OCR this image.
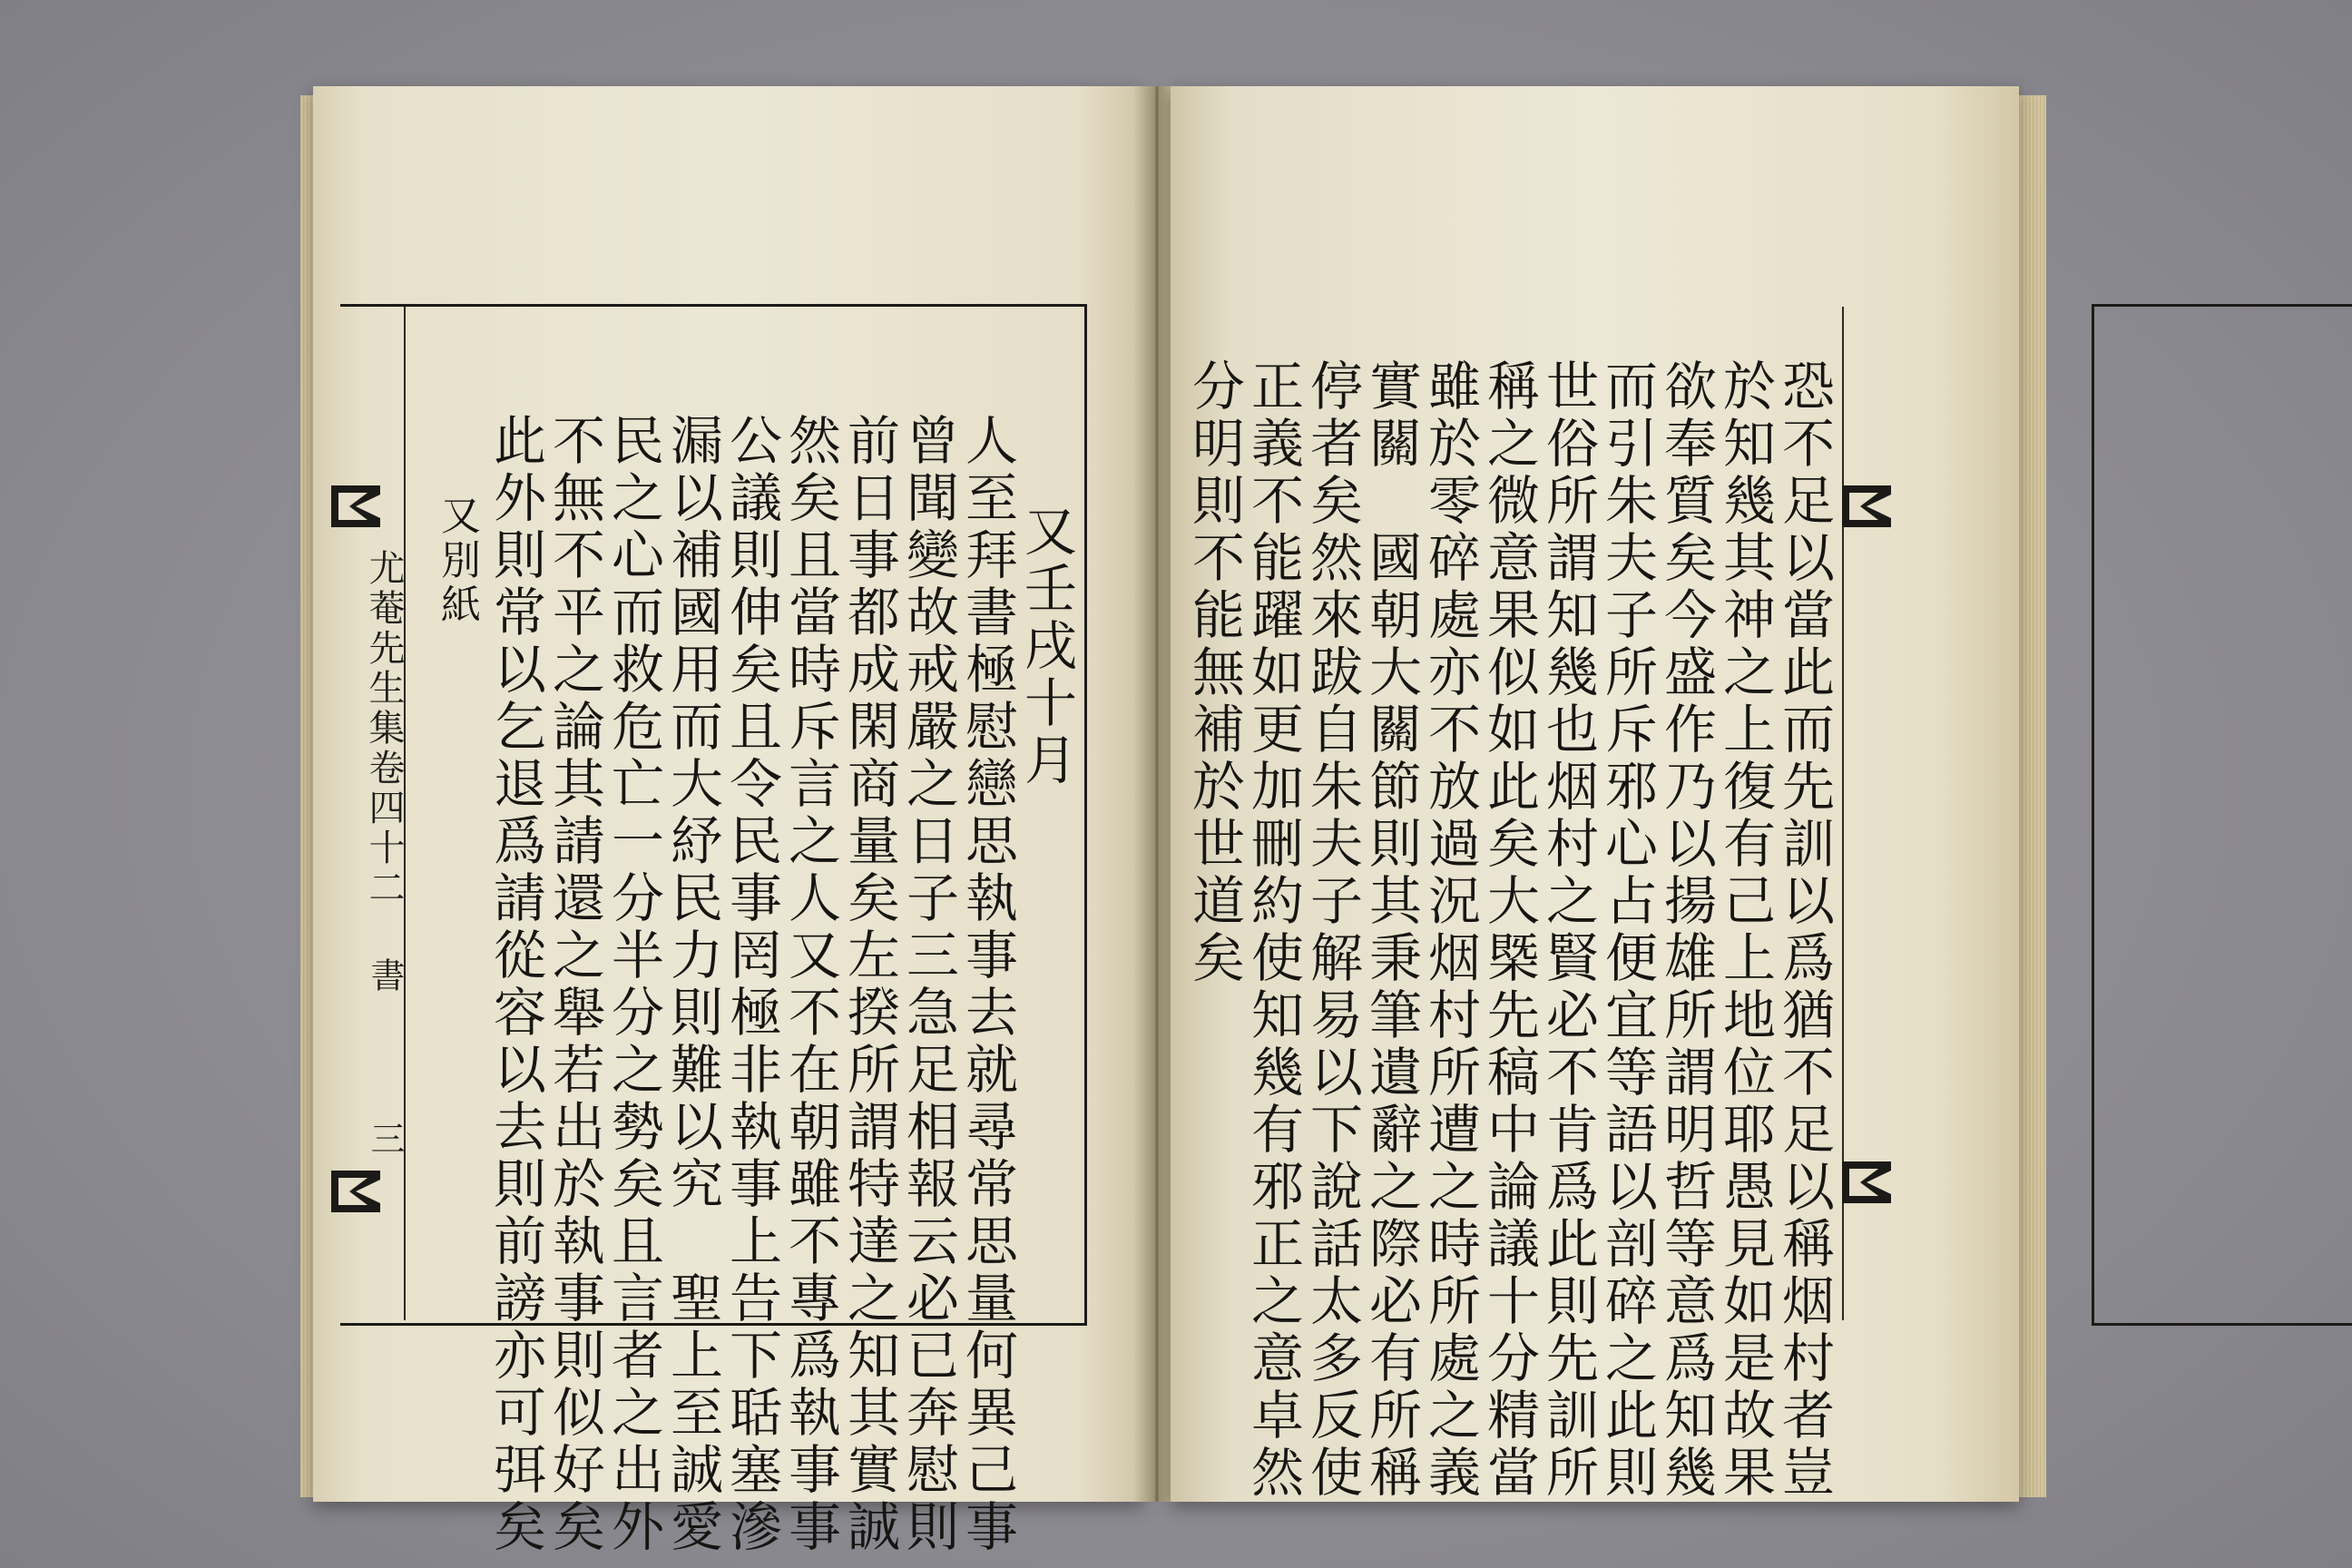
尤菴先生集卷四十二
書
三
又壬戌十月
人至拜書極慰戀思執事去就尋常思量何異己事
曾聞變故戒嚴之日子三急足相報云必已奔慰則
前日事都成閑商量矣左揆所謂特達之知其實誠
然矣且當時斥言之人又不在朝雖不專爲執事事
公議則伸矣且令民事罔極非執事上告下聒塞滲
漏以補國用而大紓民力則難以究　聖上至誠愛
民之心而救危亡一分半分之勢矣且言者之出外
不無不平之論其請還之舉若出於執事則似好矣
此外則常以乞退爲請從容以去則前謗亦可弭矣
又別紙	恐不足以當此而先訓以爲猶不足以稱烟村者豈
於知幾其神之上復有己上地位耶愚見如是故果
欲奉質矣今盛作乃以揚雄所謂明哲等意爲知幾
而引朱夫子所斥邪心占便宜等語以剖碎之此則
世俗所謂知幾也烟村之賢必不肯爲此則先訓所
稱之微意果似如此矣大槩先稿中論議十分精當
雖於零碎處亦不放過況烟村所遭之時所處之義
實關　國朝大關節則其秉筆遺辭之際必有所稱
停者矣然來跋自朱夫子解易以下說話太多反使
正義不能躍如更加刪約使知幾有邪正之意卓然
分明則不能無補於世道矣
